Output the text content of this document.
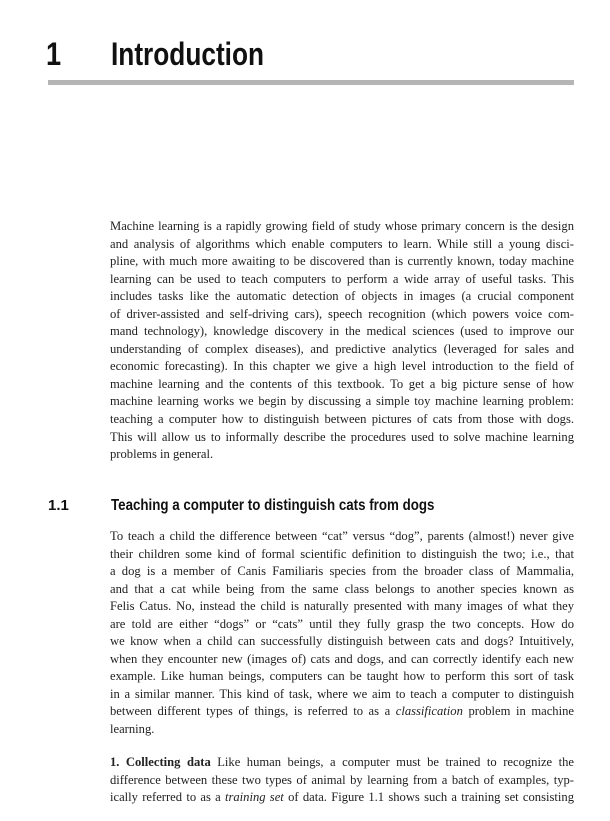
1 Introduction
Machine learning is a rapidly growing field of study whose primary concern is the design
and analysis of algorithms which enable computers to learn. While still a young disci-
pline, with much more awaiting to be discovered than is currently known, today machine
learning can be used to teach computers to perform a wide array of useful tasks. This
includes tasks like the automatic detection of objects in images (a crucial component
of driver-assisted and self-driving cars), speech recognition (which powers voice com-
mand technology), knowledge discovery in the medical sciences (used to improve our
understanding of complex diseases), and predictive analytics (leveraged for sales and
economic forecasting). In this chapter we give a high level introduction to the field of
machine learning and the contents of this textbook. To get a big picture sense of how
machine learning works we begin by discussing a simple toy machine learning problem:
teaching a computer how to distinguish between pictures of cats from those with dogs.
This will allow us to informally describe the procedures used to solve machine learning
problems in general.
1.1	Teaching a computer to distinguish cats from dogs
To teach a child the difference between “cat” versus “dog”, parents (almost!) never give
their children some kind of formal scientific definition to distinguish the two; i.e., that
a dog is a member of Canis Familiaris species from the broader class of Mammalia,
and that a cat while being from the same class belongs to another species known as
Felis Catus. No, instead the child is naturally presented with many images of what they
are told are either “dogs” or “cats” until they fully grasp the two concepts. How do
we know when a child can successfully distinguish between cats and dogs? Intuitively,
when they encounter new (images of) cats and dogs, and can correctly identify each new
example. Like human beings, computers can be taught how to perform this sort of task
in a similar manner. This kind of task, where we aim to teach a computer to distinguish
between different types of things, is referred to as a classification problem in machine
learning.
1. Collecting data Like human beings, a computer must be trained to recognize the
difference between these two types of animal by learning from a batch of examples, typ-
ically referred to as a training set of data. Figure 1.1 shows such a training set consisting
